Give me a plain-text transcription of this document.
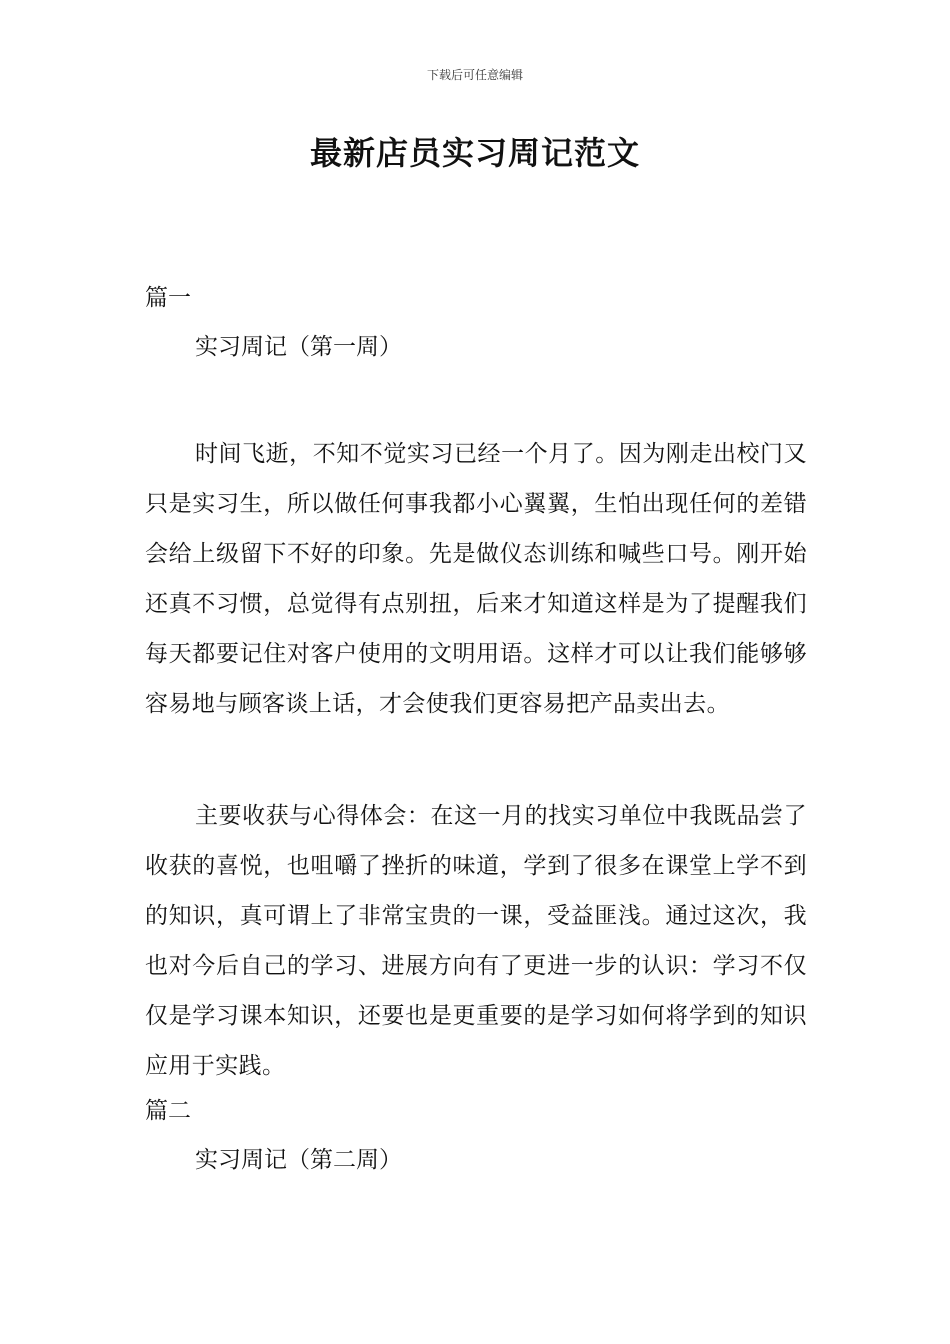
下载后可任意编辑
最新店员实习周记范文
篇一
实习周记（第一周）

时间飞逝，不知不觉实习已经一个月了。因为刚走出校门又只是实习生，所以做任何事我都小心翼翼，生怕出现任何的差错会给上级留下不好的印象。先是做仪态训练和喊些口号。刚开始还真不习惯，总觉得有点别扭，后来才知道这样是为了提醒我们每天都要记住对客户使用的文明用语。这样才可以让我们能够够容易地与顾客谈上话，才会使我们更容易把产品卖出去。

主要收获与心得体会：在这一月的找实习单位中我既品尝了收获的喜悦，也咀嚼了挫折的味道，学到了很多在课堂上学不到的知识，真可谓上了非常宝贵的一课，受益匪浅。通过这次，我也对今后自己的学习、进展方向有了更进一步的认识：学习不仅仅是学习课本知识，还要也是更重要的是学习如何将学到的知识应用于实践。

篇二
实习周记（第二周）
